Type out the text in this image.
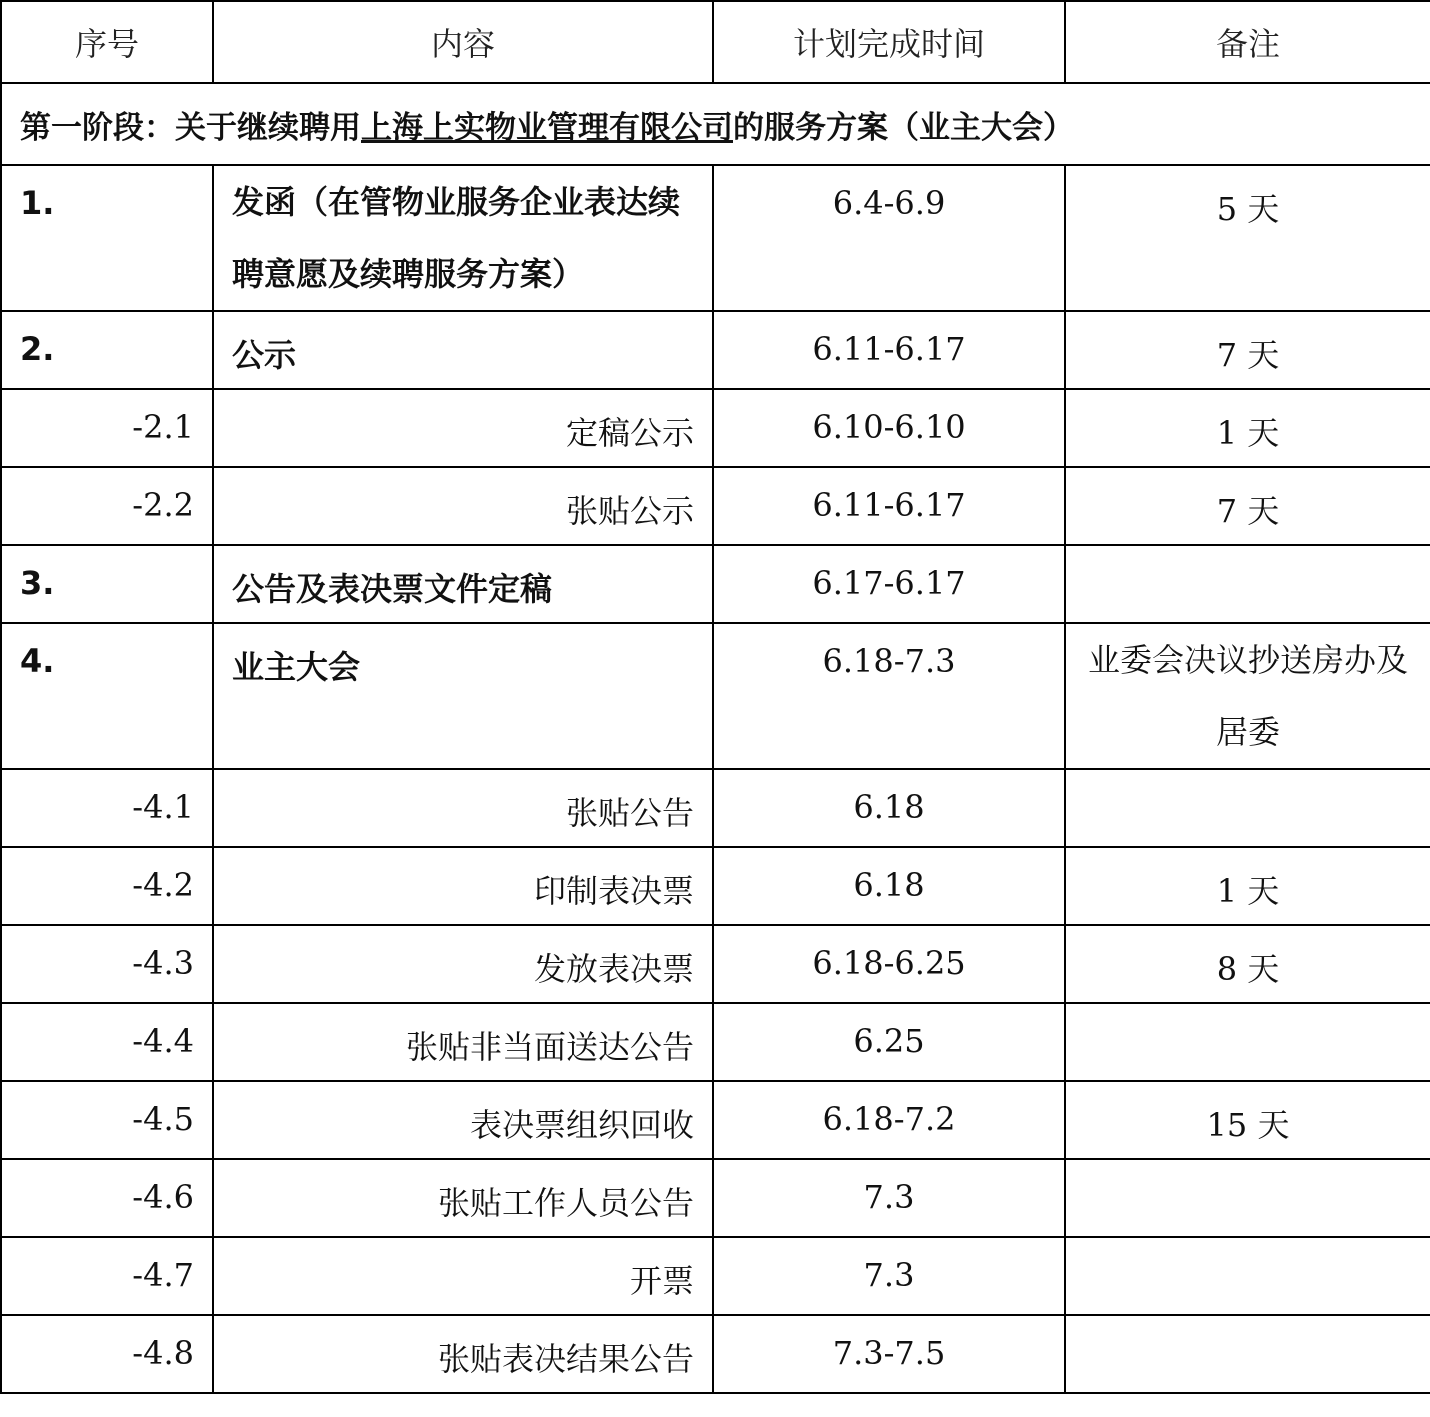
序号	内容	计划完成时间	备注
第一阶段：关于继续聘用上海上实物业管理有限公司的服务方案（业主大会）			
1.	发函（在管物业服务企业表达续聘意愿及续聘服务方案）	6.4-6.9	5 天
2.	公示	6.11-6.17	7 天
-2.1	定稿公示	6.10-6.10	1 天
-2.2	张贴公示	6.11-6.17	7 天
3.	公告及表决票文件定稿	6.17-6.17	
4.	业主大会	6.18-7.3	业委会决议抄送房办及居委
-4.1	张贴公告	6.18	
-4.2	印制表决票	6.18	1 天
-4.3	发放表决票	6.18-6.25	8 天
-4.4	张贴非当面送达公告	6.25	
-4.5	表决票组织回收	6.18-7.2	15 天
-4.6	张贴工作人员公告	7.3	
-4.7	开票	7.3	
-4.8	张贴表决结果公告	7.3-7.5	
